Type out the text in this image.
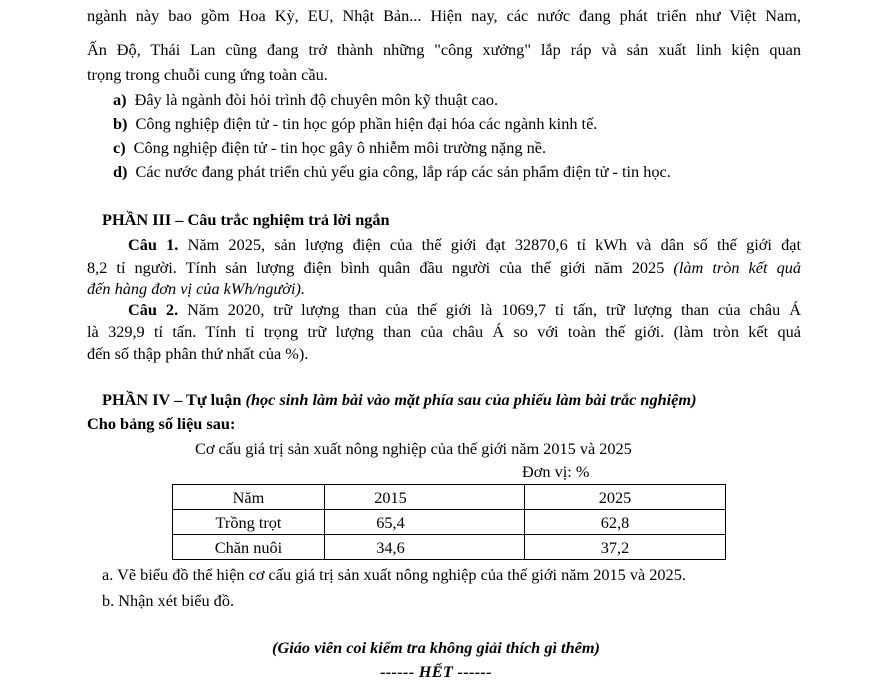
ngành này bao gồm Hoa Kỳ, EU, Nhật Bản... Hiện nay, các nước đang phát triển như Việt Nam,
Ấn Độ, Thái Lan cũng đang trở thành những "công xưởng" lắp ráp và sản xuất linh kiện quan
trọng trong chuỗi cung ứng toàn cầu.
a) Đây là ngành đòi hỏi trình độ chuyên môn kỹ thuật cao.
b) Công nghiệp điện tử - tin học góp phần hiện đại hóa các ngành kinh tế.
c) Công nghiệp điện tử - tin học gây ô nhiễm môi trường nặng nề.
d) Các nước đang phát triển chủ yếu gia công, lắp ráp các sản phẩm điện tử - tin học.
PHẦN III – Câu trắc nghiệm trả lời ngắn
Câu 1. Năm 2025, sản lượng điện của thế giới đạt 32870,6 tỉ kWh và dân số thế giới đạt
8,2 tỉ người. Tính sản lượng điện bình quân đầu người của thế giới năm 2025 (làm tròn kết quả
đến hàng đơn vị của kWh/người).
Câu 2. Năm 2020, trữ lượng than của thế giới là 1069,7 tỉ tấn, trữ lượng than của châu Á
là 329,9 tỉ tấn. Tính tỉ trọng trữ lượng than của châu Á so với toàn thế giới. (làm tròn kết quả
đến số thập phân thứ nhất của %).
PHẦN IV – Tự luận (học sinh làm bài vào mặt phía sau của phiếu làm bài trắc nghiệm)
Cho bảng số liệu sau:
Cơ cấu giá trị sản xuất nông nghiệp của thế giới năm 2015 và 2025
Đơn vị: %
Năm	2015	2025
Trồng trọt	65,4	62,8
Chăn nuôi	34,6	37,2
a. Vẽ biểu đồ thể hiện cơ cấu giá trị sản xuất nông nghiệp của thế giới năm 2015 và 2025.
b. Nhận xét biểu đồ.
(Giáo viên coi kiểm tra không giải thích gì thêm)
------ HẾT ------
